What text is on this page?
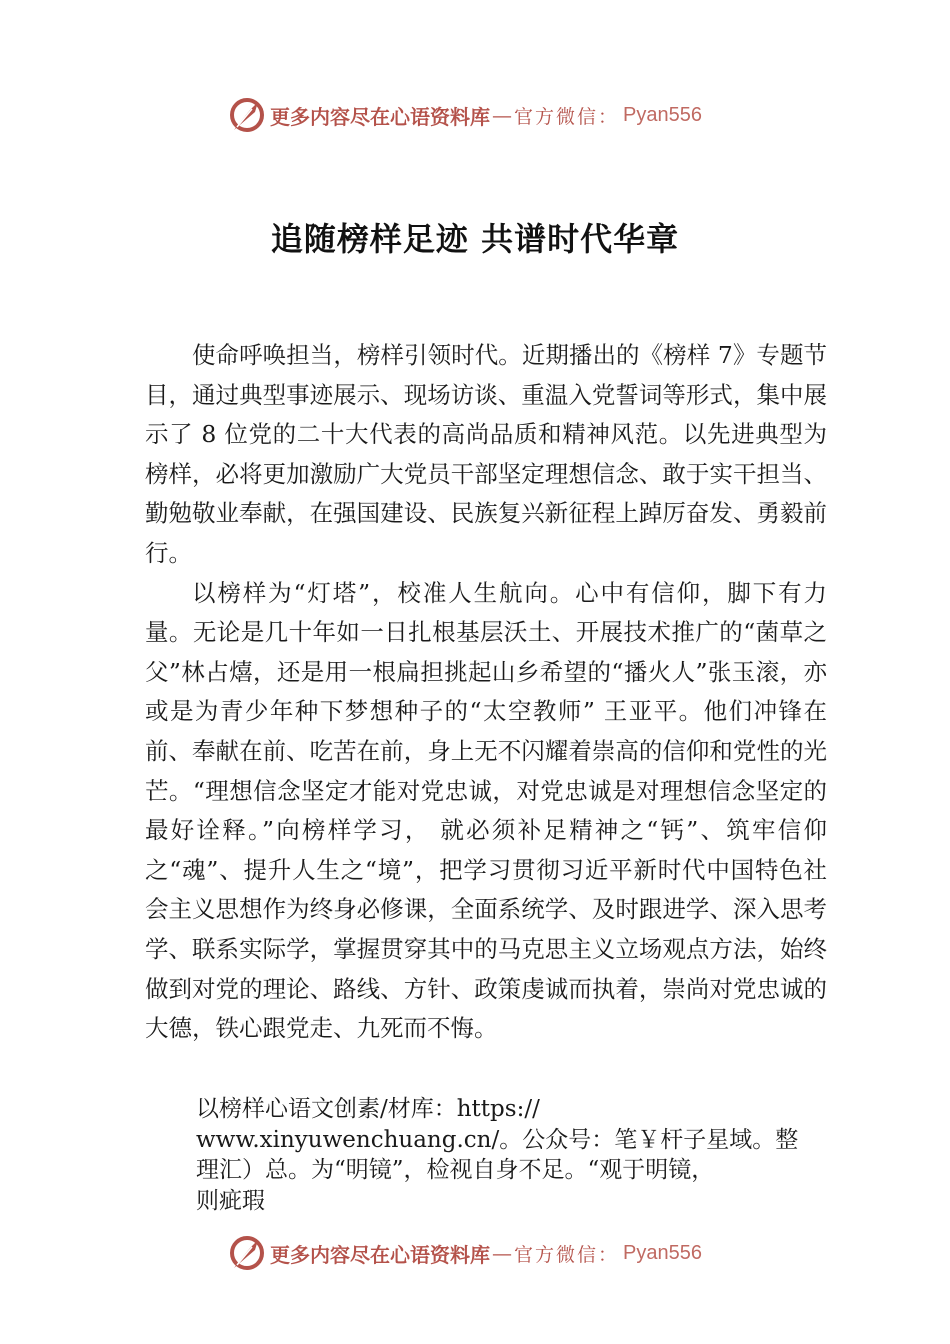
更多内容尽在心语资料库 — 官方微信： Pyan556
追随榜样足迹 共谱时代华章

使命呼唤担当，榜样引领时代。近期播出的《榜样 7》专题节目，通过典型事迹展示、现场访谈、重温入党誓词等形式，集中展示了 8 位党的二十大代表的高尚品质和精神风范。以先进典型为榜样，必将更加激励广大党员干部坚定理想信念、敢于实干担当、勤勉敬业奉献，在强国建设、民族复兴新征程上踔厉奋发、勇毅前行。

以榜样为“灯塔”，校准人生航向。心中有信仰，脚下有力量。无论是几十年如一日扎根基层沃土、开展技术推广的“菌草之父”林占熺，还是用一根扁担挑起山乡希望的“播火人”张玉滚，亦或是为青少年种下梦想种子的“太空教师” 王亚平。他们冲锋在前、奉献在前、吃苦在前，身上无不闪耀着崇高的信仰和党性的光芒。“理想信念坚定才能对党忠诚，对党忠诚是对理想信念坚定的最好诠释。”向榜样学习， 就必须补足精神之“钙”、筑牢信仰之“魂”、提升人生之“境”，把学习贯彻习近平新时代中国特色社会主义思想作为终身必修课，全面系统学、及时跟进学、深入思考学、联系实际学，掌握贯穿其中的马克思主义立场观点方法，始终做到对党的理论、路线、方针、政策虔诚而执着，崇尚对党忠诚的大德，铁心跟党走、九死而不悔。

以榜样心语文创素/材库：https://

www.xinyuwenchuang.cn/。公众号：笔￥杆子星域。整

理汇）总。为“明镜”，检视自身不足。“观于明镜，

则疵瑕

更多内容尽在心语资料库 — 官方微信： Pyan556
